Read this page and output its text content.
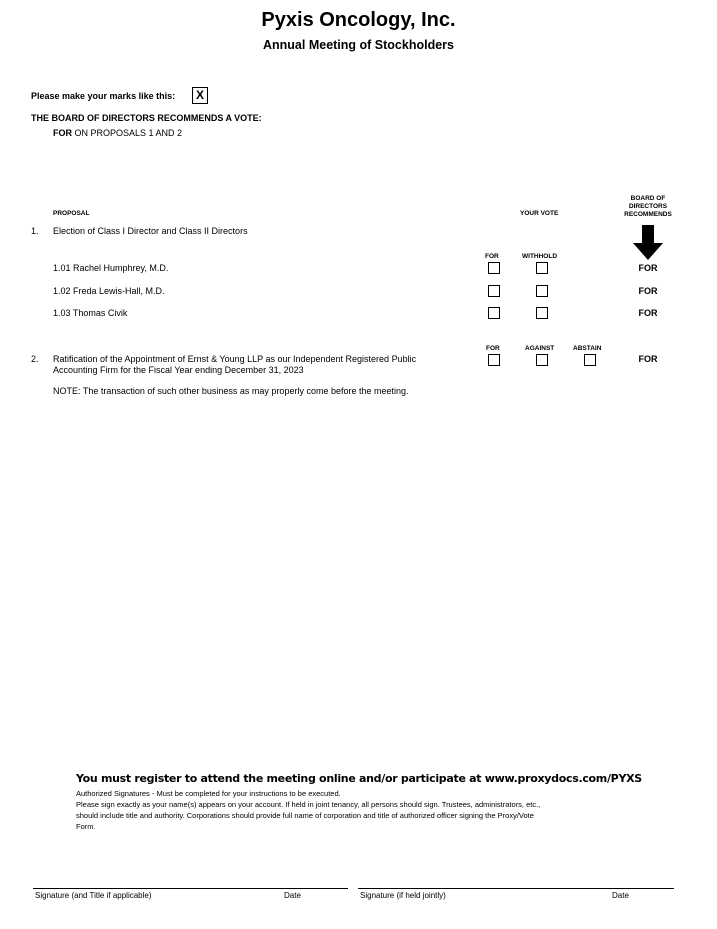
Pyxis Oncology, Inc.
Annual Meeting of Stockholders
Please make your marks like this:	X
THE BOARD OF DIRECTORS RECOMMENDS A VOTE:
FOR ON PROPOSALS 1 AND 2
PROPOSAL	YOUR VOTE
BOARD OF
DIRECTORS
RECOMMENDS
1. Election of Class I Director and Class II Directors
FOR	WITHHOLD
1.01 Rachel Humphrey, M.D.	FOR
1.02 Freda Lewis-Hall, M.D.	FOR
1.03 Thomas Civik	FOR
FOR	AGAINST	ABSTAIN
2. Ratification of the Appointment of Ernst & Young LLP as our Independent Registered Public
Accounting Firm for the Fiscal Year ending December 31, 2023
FOR
NOTE: The transaction of such other business as may properly come before the meeting.
You must register to attend the meeting online and/or participate at www.proxydocs.com/PYXS
Authorized Signatures - Must be completed for your instructions to be executed.
Please sign exactly as your name(s) appears on your account. If held in joint tenancy, all persons should sign. Trustees, administrators, etc.,
should include title and authority. Corporations should provide full name of corporation and title of authorized officer signing the Proxy/Vote
Form.
Signature (and Title if applicable)	Date	Signature (if held jointly)	Date
